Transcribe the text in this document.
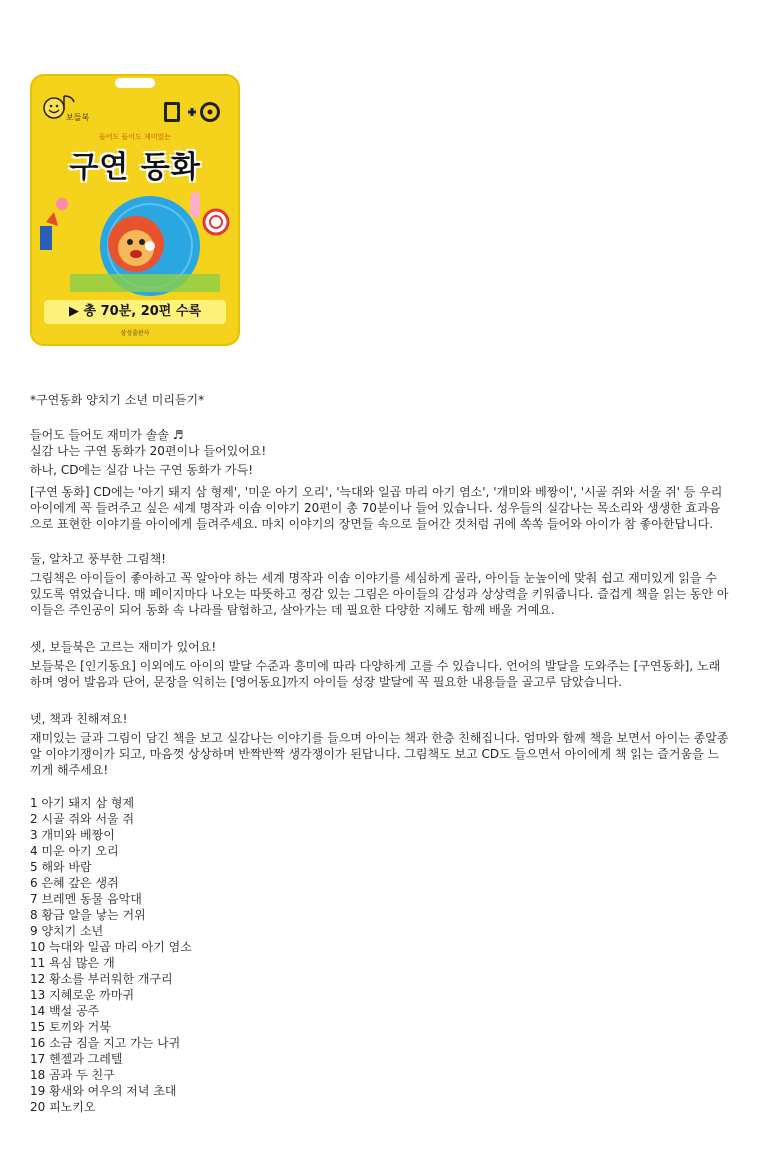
보들북
들어도 들어도 재미있는
구연 동화
▶ 총 70분, 20편 수록
삼성출판사
*구연동화 양치기 소년 미리듣기*
들어도 들어도 재미가 솔솔 ♬
실감 나는 구연 동화가 20편이나 들어있어요!
하나, CD에는 실감 나는 구연 동화가 가득!

[구연 동화] CD에는 '아기 돼지 삼 형제', '미운 아기 오리', '늑대와 일곱 마리 아기 염소', '개미와 베짱이', '시골 쥐와 서울 쥐' 등 우리 아이에게 꼭 들려주고 싶은 세계 명작과 이솝 이야기 20편이 총 70분이나 들어 있습니다. 성우들의 실감나는 목소리와 생생한 효과음으로 표현한 이야기를 아이에게 들려주세요. 마치 이야기의 장면들 속으로 들어간 것처럼 귀에 쏙쏙 들어와 아이가 참 좋아한답니다.

둘, 알차고 풍부한 그림책!

그림책은 아이들이 좋아하고 꼭 알아야 하는 세계 명작과 이솝 이야기를 세심하게 골라, 아이들 눈높이에 맞춰 쉽고 재미있게 읽을 수 있도록 엮었습니다. 매 페이지마다 나오는 따뜻하고 정감 있는 그림은 아이들의 감성과 상상력을 키워줍니다. 즐겁게 책을 읽는 동안 아이들은 주인공이 되어 동화 속 나라를 탐험하고, 살아가는 데 필요한 다양한 지혜도 함께 배울 거예요.

셋, 보들북은 고르는 재미가 있어요!

보들북은 [인기동요] 이외에도 아이의 발달 수준과 흥미에 따라 다양하게 고를 수 있습니다. 언어의 발달을 도와주는 [구연동화], 노래하며 영어 발음과 단어, 문장을 익히는 [영어동요]까지 아이들 성장 발달에 꼭 필요한 내용들을 골고루 담았습니다.

넷, 책과 친해져요!

재미있는 글과 그림이 담긴 책을 보고 실감나는 이야기를 들으며 아이는 책과 한층 친해집니다. 엄마와 함께 책을 보면서 아이는 종알종알 이야기쟁이가 되고, 마음껏 상상하며 반짝반짝 생각쟁이가 된답니다. 그림책도 보고 CD도 들으면서 아이에게 책 읽는 즐거움을 느끼게 해주세요!

1 아기 돼지 삼 형제
2 시골 쥐와 서울 쥐
3 개미와 베짱이
4 미운 아기 오리
5 해와 바람
6 은혜 갚은 생쥐
7 브레멘 동물 음악대
8 황금 알을 낳는 거위
9 양치기 소년
10 늑대와 일곱 마리 아기 염소
11 욕심 많은 개
12 황소를 부러워한 개구리
13 지혜로운 까마귀
14 백설 공주
15 토끼와 거북
16 소금 짐을 지고 가는 나귀
17 헨젤과 그레텔
18 곰과 두 친구
19 황새와 여우의 저녁 초대
20 피노키오
